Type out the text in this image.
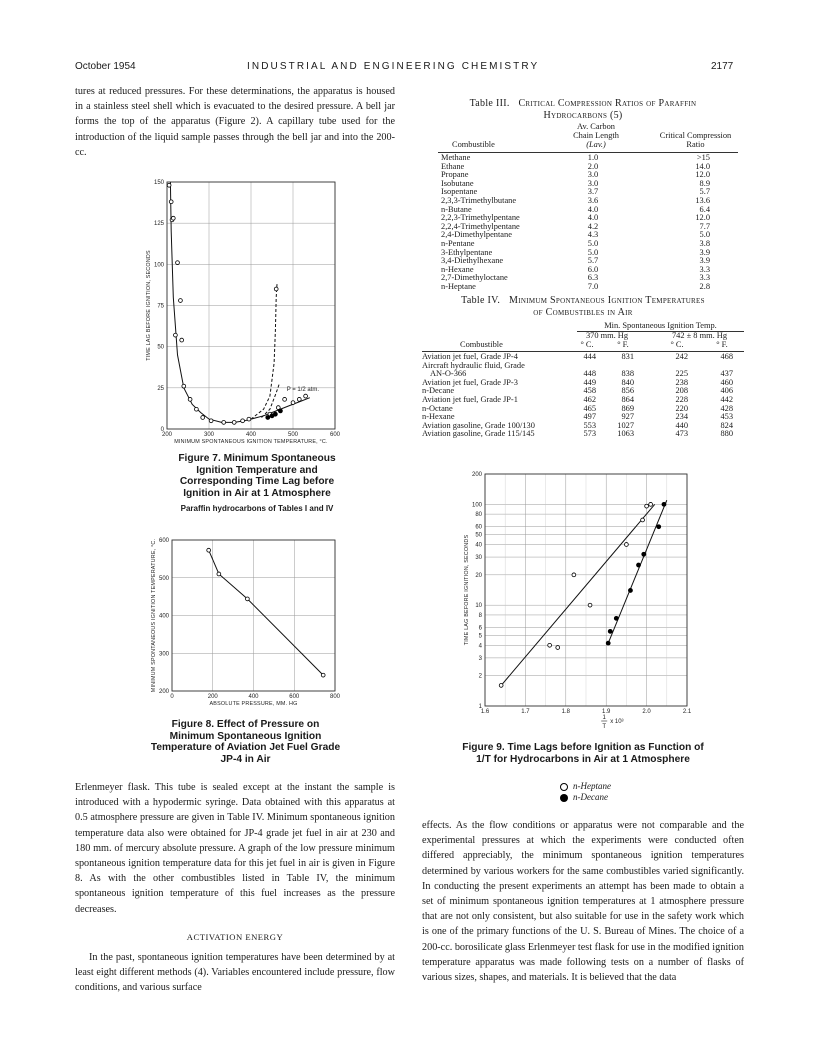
October 1954	INDUSTRIAL AND ENGINEERING CHEMISTRY	2177

tures at reduced pressures. For these determinations, the apparatus is housed in a stainless steel shell which is evacuated to the desired pressure. A bell jar forms the top of the apparatus (Figure 2). A capillary tube used for the introduction of the liquid sample passes through the bell jar and into the 200-cc.

200	300	400	500	600
0
25
50
75
100
125
150
MINIMUM SPONTANEOUS IGNITION TEMPERATURE, °C.
TIME LAG BEFORE IGNITION, SECONDS
P = 1/2 atm.

Figure 7. Minimum Spontaneous Ignition Temperature and Corresponding Time Lag before Ignition in Air at 1 Atmosphere

Paraffin hydrocarbons of Tables I and IV
0	200	400	600	800
200
300
400
500
600
ABSOLUTE PRESSURE, MM. HG
MINIMUM SPONTANEOUS IGNITION TEMPERATURE, °C.

Figure 8. Effect of Pressure on Minimum Spontaneous Ignition Temperature of Aviation Jet Fuel Grade JP-4 in Air

Erlenmeyer flask. This tube is sealed except at the instant the sample is introduced with a hypodermic syringe. Data obtained with this apparatus at 0.5 atmosphere pressure are given in Table IV. Minimum spontaneous ignition temperature data also were obtained for JP-4 grade jet fuel in air at 230 and 180 mm. of mercury absolute pressure. A graph of the low pressure minimum spontaneous ignition temperature data for this jet fuel in air is given in Figure 8. As with the other combustibles listed in Table IV, the minimum spontaneous ignition temperature of this fuel increases as the pressure decreases.

ACTIVATION ENERGY

In the past, spontaneous ignition temperatures have been determined by at least eight different methods (4). Variables encountered include pressure, flow conditions, and various surface

Table III. Critical Compression Ratios of Paraffin
Hydrocarbons (5)
Av. Carbon
Chain Length	Critical Compression
Combustible	(Lav.)	Ratio
Methane	1.0	>15
Ethane	2.0	14.0
Propane	3.0	12.0
Isobutane	3.0	8.9
Isopentane	3.7	5.7
2,3,3-Trimethylbutane	3.6	13.6
n-Butane	4.0	6.4
2,2,3-Trimethylpentane	4.0	12.0
2,2,4-Trimethylpentane	4.2	7.7
2,4-Dimethylpentane	4.3	5.0
n-Pentane	5.0	3.8
3-Ethylpentane	5.0	3.9
3,4-Diethylhexane	5.7	3.9
n-Hexane	6.0	3.3
2,7-Dimethyloctane	6.3	3.3
n-Heptane	7.0	2.8
Table IV. Minimum Spontaneous Ignition Temperatures
of Combustibles in Air
Min. Spontaneous Ignition Temp.
370 mm. Hg	742 ± 8 mm. Hg
Combustible	° C.	° F.	° C.	° F.
Aviation jet fuel, Grade JP-4	444	831	242	468
Aircraft hydraulic fluid, Grade
AN-O-366	448	838	225	437
Aviation jet fuel, Grade JP-3	449	840	238	460
n-Decane	458	856	208	406
Aviation jet fuel, Grade JP-1	462	864	228	442
n-Octane	465	869	220	428
n-Hexane	497	927	234	453
Aviation gasoline, Grade 100/130	553	1027	440	824
Aviation gasoline, Grade 115/145	573	1063	473	880
1.6	1.7	1.8	1.9	2.0	2.1
1
2
3
4
5
6
8
10
20
30
40
50
60
80
100
200
TIME LAG BEFORE IGNITION, SECONDS
1
T
x 10³

Figure 9. Time Lags before Ignition as Function of 1/T for Hydrocarbons in Air at 1 Atmosphere

n-Heptane
n-Decane

effects. As the flow conditions or apparatus were not comparable and the experimental pressures at which the experiments were conducted often differed appreciably, the minimum spontaneous ignition temperatures determined by various workers for the same combustibles varied significantly. In conducting the present experiments an attempt has been made to obtain a set of minimum spontaneous ignition temperatures at 1 atmosphere pressure that are not only consistent, but also suitable for use in the safety work which is one of the primary functions of the U. S. Bureau of Mines. The choice of a 200-cc. borosilicate glass Erlenmeyer test flask for use in the modified ignition temperature apparatus was made following tests on a number of flasks of various sizes, shapes, and materials. It is believed that the data
